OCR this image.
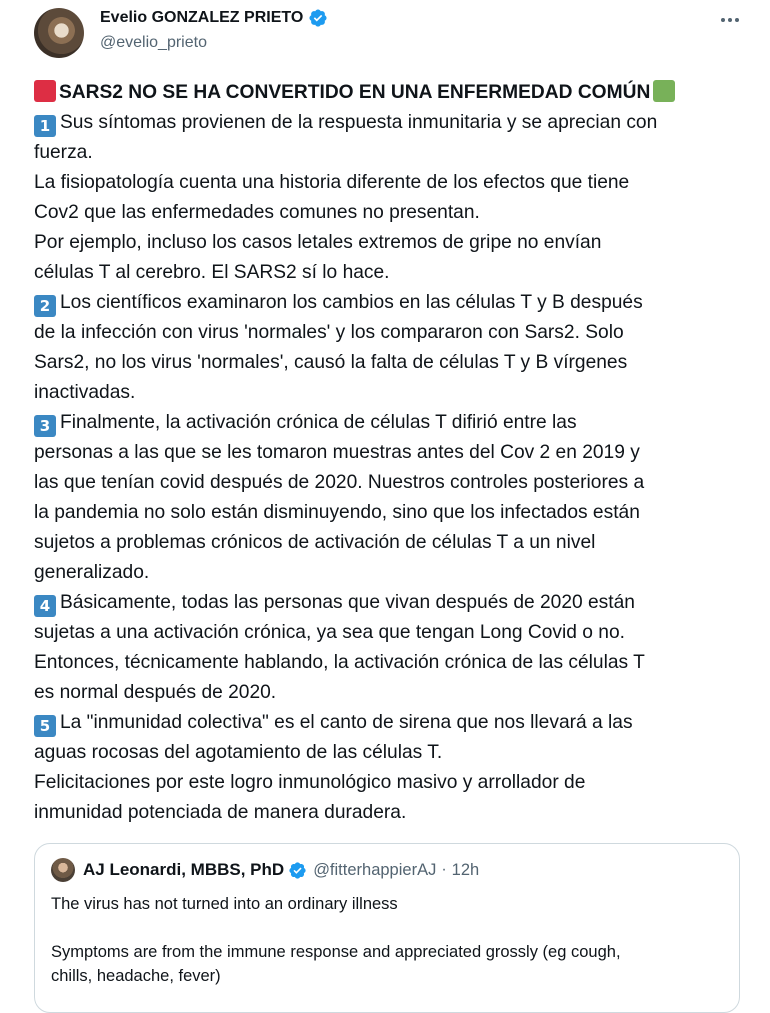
Evelio GONZALEZ PRIETO
@evelio_prieto
SARS2 NO SE HA CONVERTIDO EN UNA ENFERMEDAD COMÚN
1 Sus síntomas provienen de la respuesta inmunitaria y se aprecian con
fuerza.
La fisiopatología cuenta una historia diferente de los efectos que tiene
Cov2 que las enfermedades comunes no presentan.
Por ejemplo, incluso los casos letales extremos de gripe no envían
células T al cerebro. El SARS2 sí lo hace.
2 Los científicos examinaron los cambios en las células T y B después
de la infección con virus 'normales' y los compararon con Sars2. Solo
Sars2, no los virus 'normales', causó la falta de células T y B vírgenes
inactivadas.
3 Finalmente, la activación crónica de células T difirió entre las
personas a las que se les tomaron muestras antes del Cov 2 en 2019 y
las que tenían covid después de 2020. Nuestros controles posteriores a
la pandemia no solo están disminuyendo, sino que los infectados están
sujetos a problemas crónicos de activación de células T a un nivel
generalizado.
4 Básicamente, todas las personas que vivan después de 2020 están
sujetas a una activación crónica, ya sea que tengan Long Covid o no.
Entonces, técnicamente hablando, la activación crónica de las células T
es normal después de 2020.
5 La "inmunidad colectiva" es el canto de sirena que nos llevará a las
aguas rocosas del agotamiento de las células T.
Felicitaciones por este logro inmunológico masivo y arrollador de
inmunidad potenciada de manera duradera.
AJ Leonardi, MBBS, PhD @fitterhappierAJ · 12h
The virus has not turned into an ordinary illness
Symptoms are from the immune response and appreciated grossly (eg cough,
chills, headache, fever)
